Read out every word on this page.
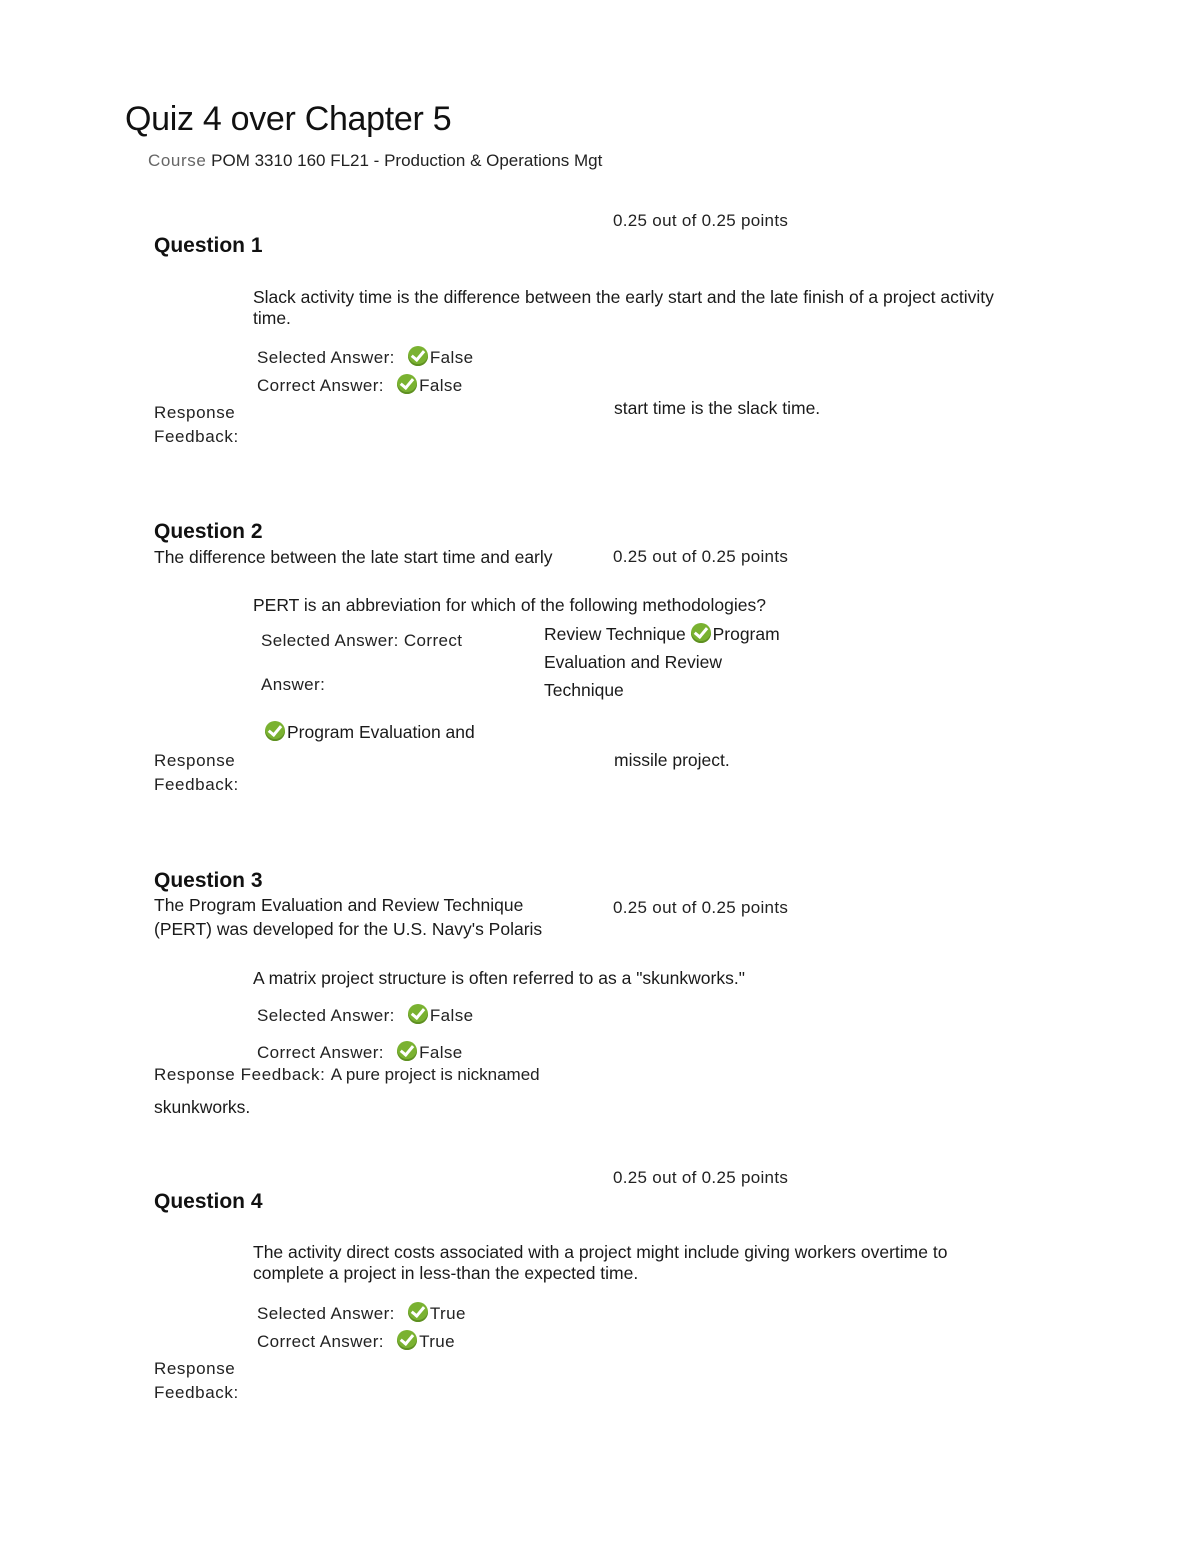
Quiz 4 over Chapter 5
Course POM 3310 160 FL21 - Production & Operations Mgt
0.25 out of 0.25 points
Question 1
Slack activity time is the difference between the early start and the late finish of a project activity
time.
Selected Answer: False
Correct Answer: False
Response
Feedback:
start time is the slack time.
Question 2
The difference between the late start time and early	0.25 out of 0.25 points
PERT is an abbreviation for which of the following methodologies?
Selected Answer: Correct
Answer:
Review Technique Program
Evaluation and Review
Technique
Program Evaluation and
Response
Feedback:
missile project.
Question 3
The Program Evaluation and Review Technique
(PERT) was developed for the U.S. Navy's Polaris
0.25 out of 0.25 points
A matrix project structure is often referred to as a "skunkworks."
Selected Answer: False
Correct Answer: False
Response Feedback: A pure project is nicknamed
skunkworks.
0.25 out of 0.25 points
Question 4
The activity direct costs associated with a project might include giving workers overtime to
complete a project in less-than the expected time.
Selected Answer: True
Correct Answer: True
Response
Feedback:
